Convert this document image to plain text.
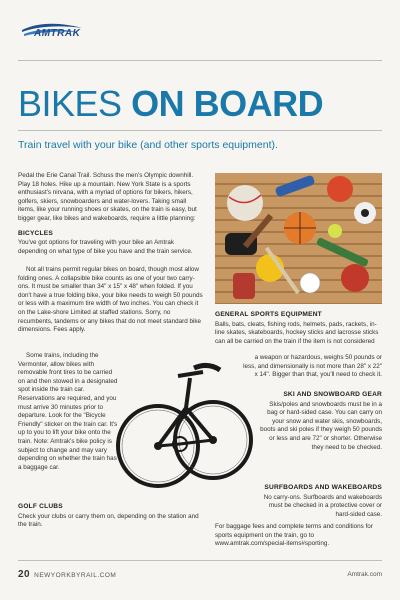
AMTRAK
BIKES ON BOARD
Train travel with your bike (and other sports equipment).

Pedal the Erie Canal Trail. Schuss the men's Olympic downhill. Play 18 holes. Hike up a mountain. New York State is a sports enthusiast's nirvana, with a myriad of options for bikers, hikers, golfers, skiers, snowboarders and water-lovers. Taking small items, like your running shoes or skates, on the train is easy, but bigger gear, like bikes and wakeboards, require a little planning:

BICYCLES

You've got options for traveling with your bike an Amtrak depending on what type of bike you have and the train service.

Not all trains permit regular bikes on board, though most allow folding ones. A collapsible bike counts as one of your two carry-ons. It must be smaller than 34" x 15" x 48" when folded. If you don't have a true folding bike, your bike needs to weigh 50 pounds or less with a maximum tire width of two inches. You can check it on the Lake-shore Limited at staffed stations. Sorry, no recumbents, tandems or any bikes that do not meet standard bike dimensions. Fees apply.

Some trains, including the Vermonter, allow bikes with removable front tires to be carried on and then stowed in a designated spot inside the train car. Reservations are required, and you must arrive 30 minutes prior to departure. Look for the "Bicycle Friendly" sticker on the train car. It's up to you to lift your bike onto the train. Note: Amtrak's bike policy is subject to change and may vary depending on whether the train has a baggage car.

GOLF CLUBS

Check your clubs or carry them on, depending on the station and the train.

GENERAL SPORTS EQUIPMENT

Balls, bats, cleats, fishing rods, helmets, pads, rackets, in-line skates, skateboards, hockey sticks and lacrosse sticks can all be carried on the train if the item is not considered

a weapon or hazardous, weighs 50 pounds or less, and dimensionally is not more than 28" x 22" x 14". Bigger than that, you'll need to check it.

SKI AND SNOWBOARD GEAR

Skis/poles and snowboards must be in a bag or hard-sided case. You can carry on your snow and water skis, snowboards, boots and ski poles if they weigh 50 pounds or less and are 72" or shorter. Otherwise they need to be checked.

SURFBOARDS AND WAKEBOARDS

No carry-ons. Surfboards and wakeboards must be checked in a protective cover or hard-sided case.

For baggage fees and complete terms and conditions for sports equipment on the train, go to www.amtrak.com/special-items#sporting.

20 NEWYORKBYRAIL.COM	Amtrak.com
